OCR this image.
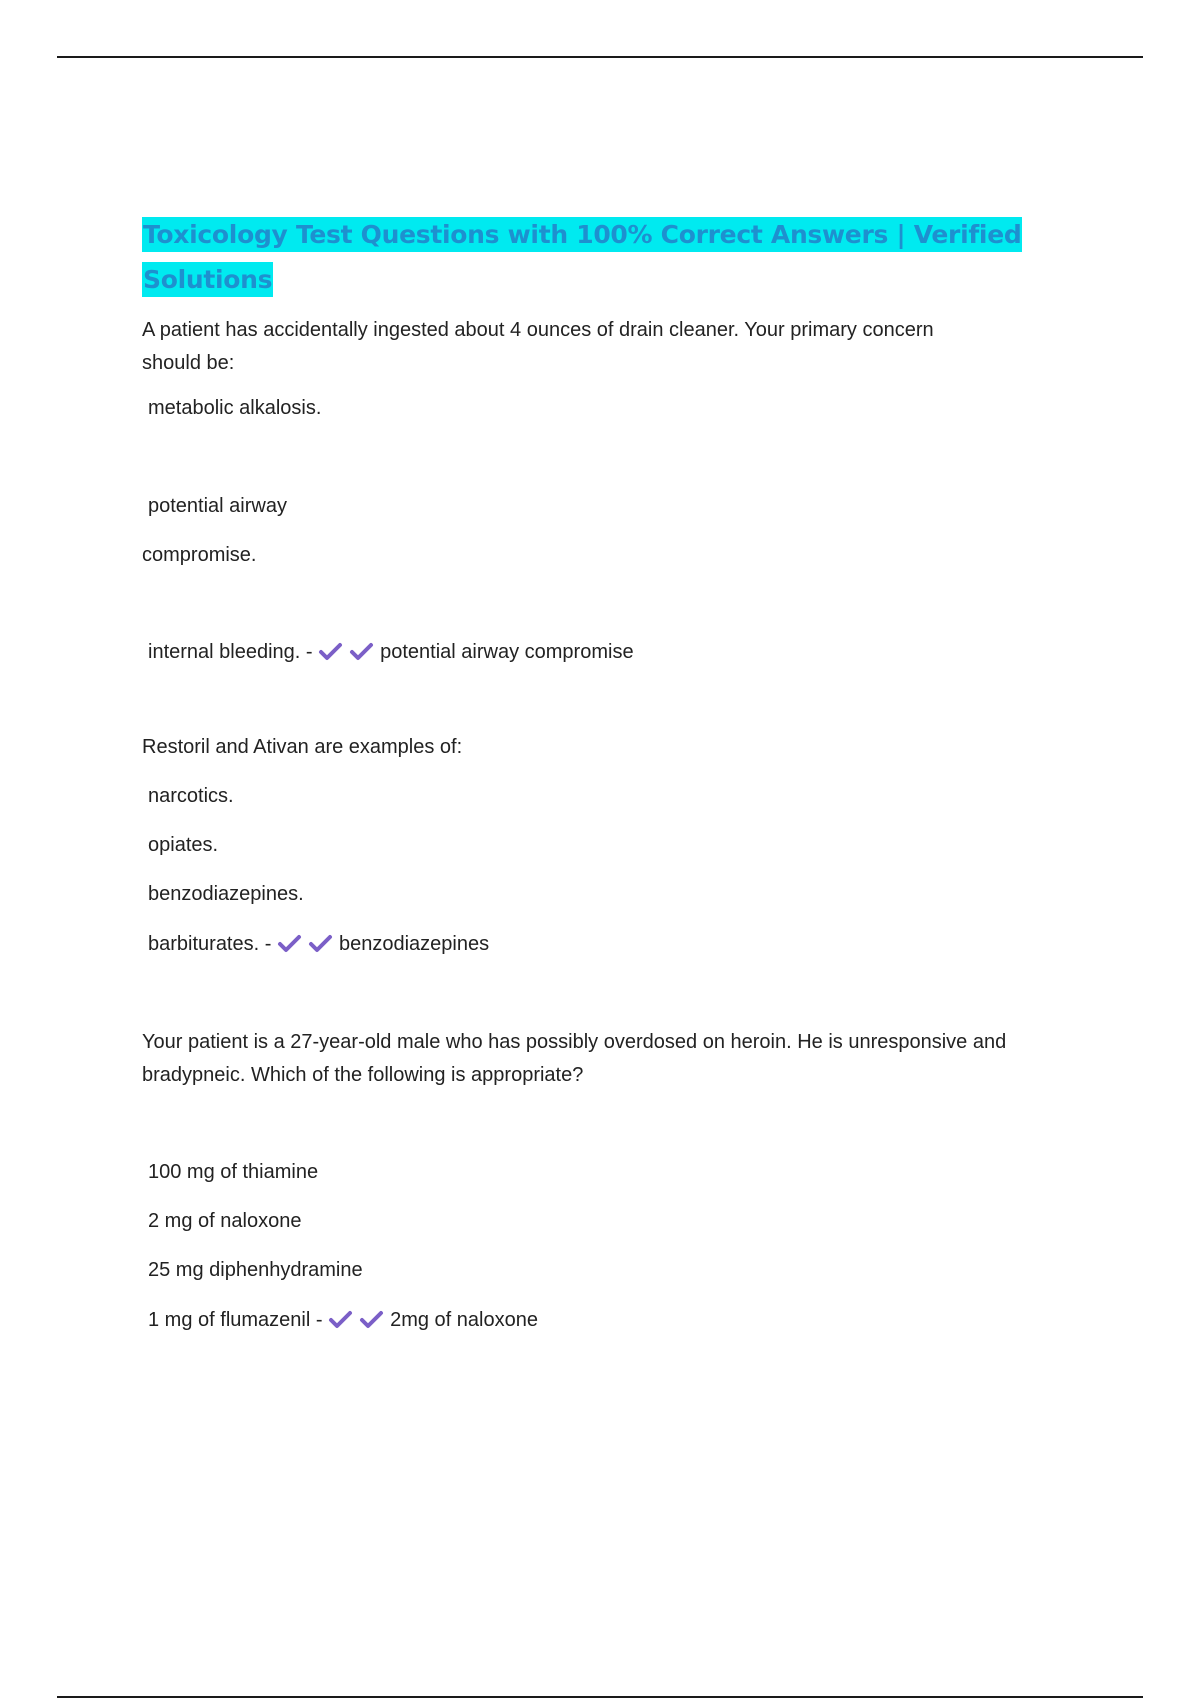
Toxicology Test Questions with 100% Correct Answers | Verified Solutions

A patient has accidentally ingested about 4 ounces of drain cleaner. Your primary concern should be:

metabolic alkalosis.

potential airway

compromise.

internal bleeding. -	potential airway compromise

Restoril and Ativan are examples of:

narcotics.

opiates.

benzodiazepines.

barbiturates. -	benzodiazepines

Your patient is a 27-year-old male who has possibly overdosed on heroin. He is unresponsive and bradypneic. Which of the following is appropriate?

100 mg of thiamine

2 mg of naloxone

25 mg diphenhydramine

1 mg of flumazenil -	2mg of naloxone
